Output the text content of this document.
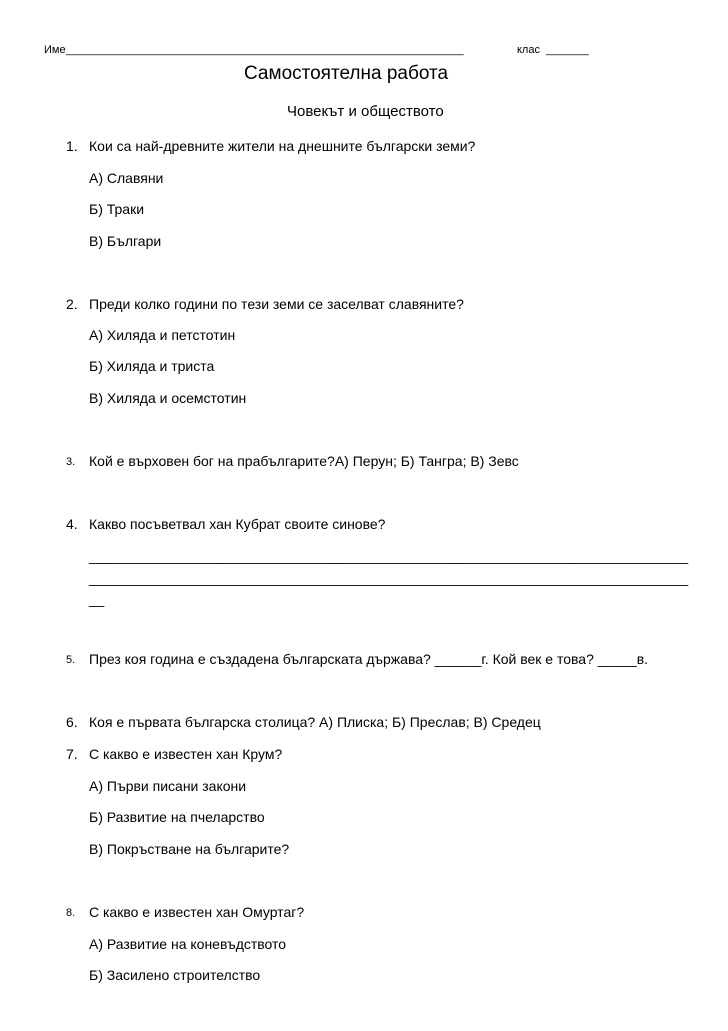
Име _________________________________________________________________	клас _______
Самостоятелна работа
Човекът и обществото
1. Кои са най-древните жители на днешните български земи?
А) Славяни
Б) Траки
В) Българи
2. Преди колко години по тези земи се заселват славяните?
А) Хиляда и петстотин
Б) Хиляда и триста
В) Хиляда и осемстотин
3. Кой е върховен бог на прабългарите?А) Перун; Б) Тангра; В) Зевс
4. Какво посъветвал хан Кубрат своите синове?
________________________________________________________________________________
________________________________________________________________________________
__
5. През коя година е създадена българската държава? ______г. Кой век е това? _____в.
6. Коя е първата българска столица? А) Плиска; Б) Преслав; В) Средец
7. С какво е известен хан Крум?
А) Първи писани закони
Б) Развитие на пчеларство
В) Покръстване на българите?
8. С какво е известен хан Омуртаг?
А) Развитие на коневъдството
Б) Засилено строителство
